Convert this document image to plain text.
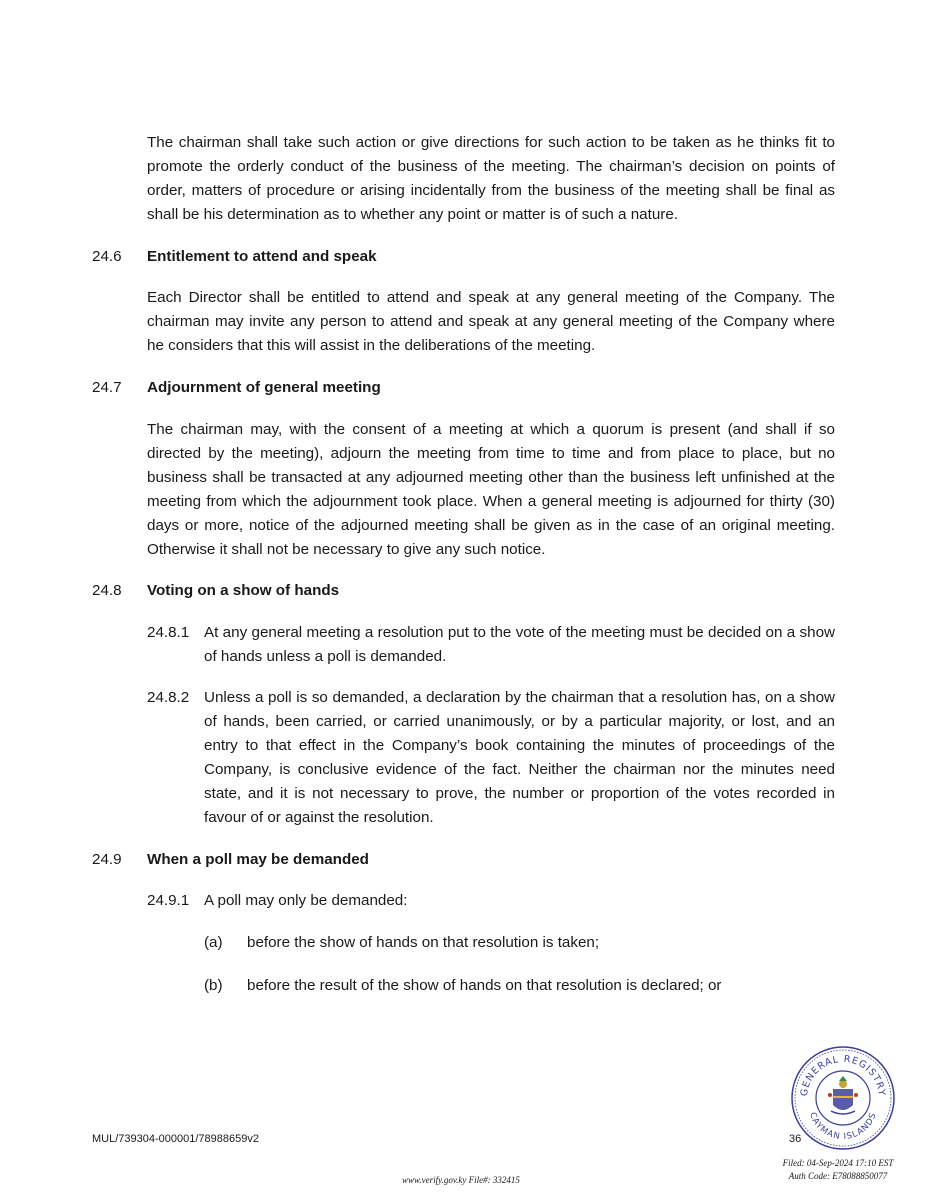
The chairman shall take such action or give directions for such action to be taken as he thinks fit to promote the orderly conduct of the business of the meeting. The chairman’s decision on points of order, matters of procedure or arising incidentally from the business of the meeting shall be final as shall be his determination as to whether any point or matter is of such a nature.

24.6 Entitlement to attend and speak

Each Director shall be entitled to attend and speak at any general meeting of the Company. The chairman may invite any person to attend and speak at any general meeting of the Company where he considers that this will assist in the deliberations of the meeting.

24.7 Adjournment of general meeting

The chairman may, with the consent of a meeting at which a quorum is present (and shall if so directed by the meeting), adjourn the meeting from time to time and from place to place, but no business shall be transacted at any adjourned meeting other than the business left unfinished at the meeting from which the adjournment took place. When a general meeting is adjourned for thirty (30) days or more, notice of the adjourned meeting shall be given as in the case of an original meeting. Otherwise it shall not be necessary to give any such notice.

24.8 Voting on a show of hands
24.8.1 At any general meeting a resolution put to the vote of the meeting must be decided on a show of hands unless a poll is demanded.

24.8.2 Unless a poll is so demanded, a declaration by the chairman that a resolution has, on a show of hands, been carried, or carried unanimously, or by a particular majority, or lost, and an entry to that effect in the Company’s book containing the minutes of proceedings of the Company, is conclusive evidence of the fact. Neither the chairman nor the minutes need state, and it is not necessary to prove, the number or proportion of the votes recorded in favour of or against the resolution.

24.9 When a poll may be demanded
24.9.1 A poll may only be demanded:

(a) before the show of hands on that resolution is taken;
(b) before the result of the show of hands on that resolution is declared; or
GENERAL REGISTRY
CAYMAN ISLANDS
MUL/739304-000001/78988659v2	36
Filed: 04-Sep-2024 17:10 EST
Auth Code: E78088850077
www.verify.gov.ky File#: 332415
